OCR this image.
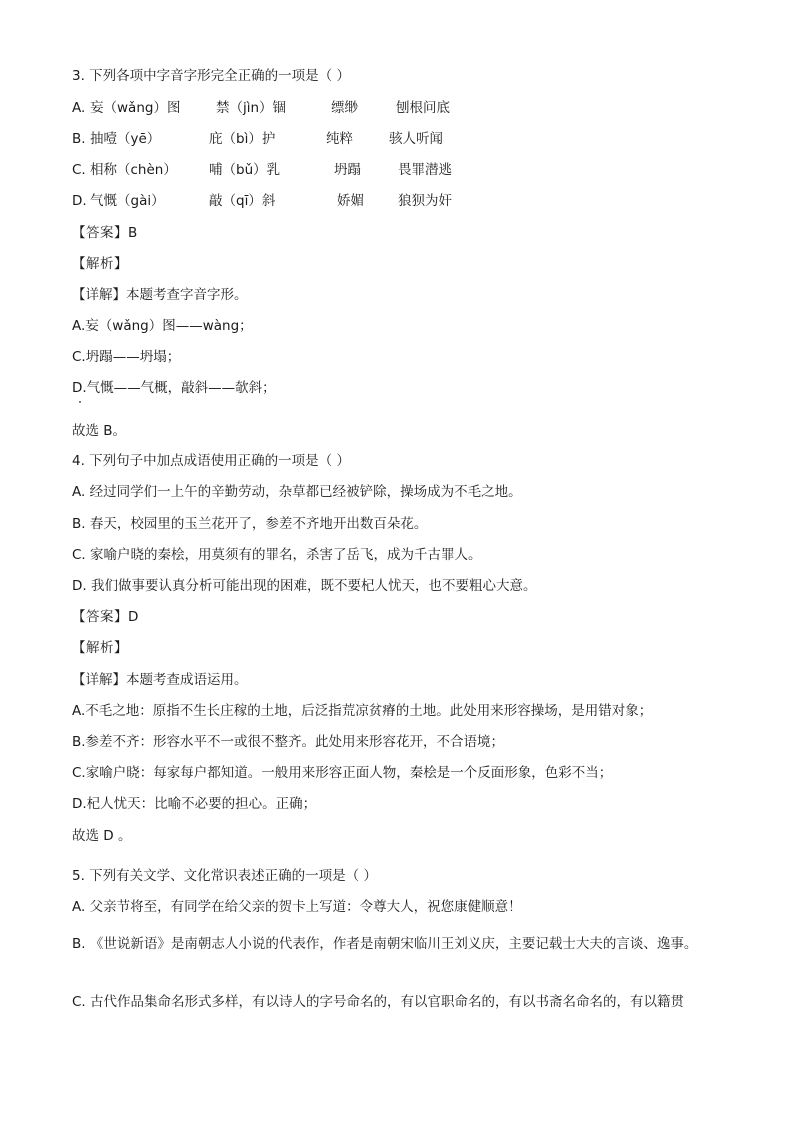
3. 下列各项中字音字形完全正确的一项是（ ）
A. 妄（wǎng）图	禁（jìn）锢	缥缈	刨根问底
B. 抽噎（yē）	庇（bì）护	纯粹	骇人听闻
C. 相称（chèn） 哺（bǔ）乳	坍蹋	畏罪潜逃
D. 气慨（gài）	敲（qī）斜	娇媚	狼狈为奸
【答案】B
【解析】
【详解】本题考查字音字形。
A.妄（wǎng）图——wàng；
C.坍蹋——坍塌；
D.气慨——气概，敲斜——欹斜；
故选 B。
4. 下列句子中加点成语使用正确的一项是（ ）
A. 经过同学们一上午的辛勤劳动，杂草都已经被铲除，操场成为不毛之地。
B. 春天，校园里的玉兰花开了，参差不齐地开出数百朵花。
C. 家喻户晓的秦桧，用莫须有的罪名，杀害了岳飞，成为千古罪人。
D. 我们做事要认真分析可能出现的困难，既不要杞人忧天，也不要粗心大意。
【答案】D
【解析】
【详解】本题考查成语运用。
A.不毛之地：原指不生长庄稼的土地，后泛指荒凉贫瘠的土地。此处用来形容操场，是用错对象；
B.参差不齐：形容水平不一或很不整齐。此处用来形容花开，不合语境；
C.家喻户晓：每家每户都知道。一般用来形容正面人物，秦桧是一个反面形象，色彩不当；
D.杞人忧天：比喻不必要的担心。正确；
故选 D 。
5. 下列有关文学、文化常识表述正确的一项是（ ）
A. 父亲节将至，有同学在给父亲的贺卡上写道：令尊大人，祝您康健顺意！
B. 《世说新语》是南朝志人小说的代表作，作者是南朝宋临川王刘义庆，主要记载士大夫的言谈、逸事。
C. 古代作品集命名形式多样，有以诗人的字号命名的，有以官职命名的，有以书斋名命名的，有以籍贯
